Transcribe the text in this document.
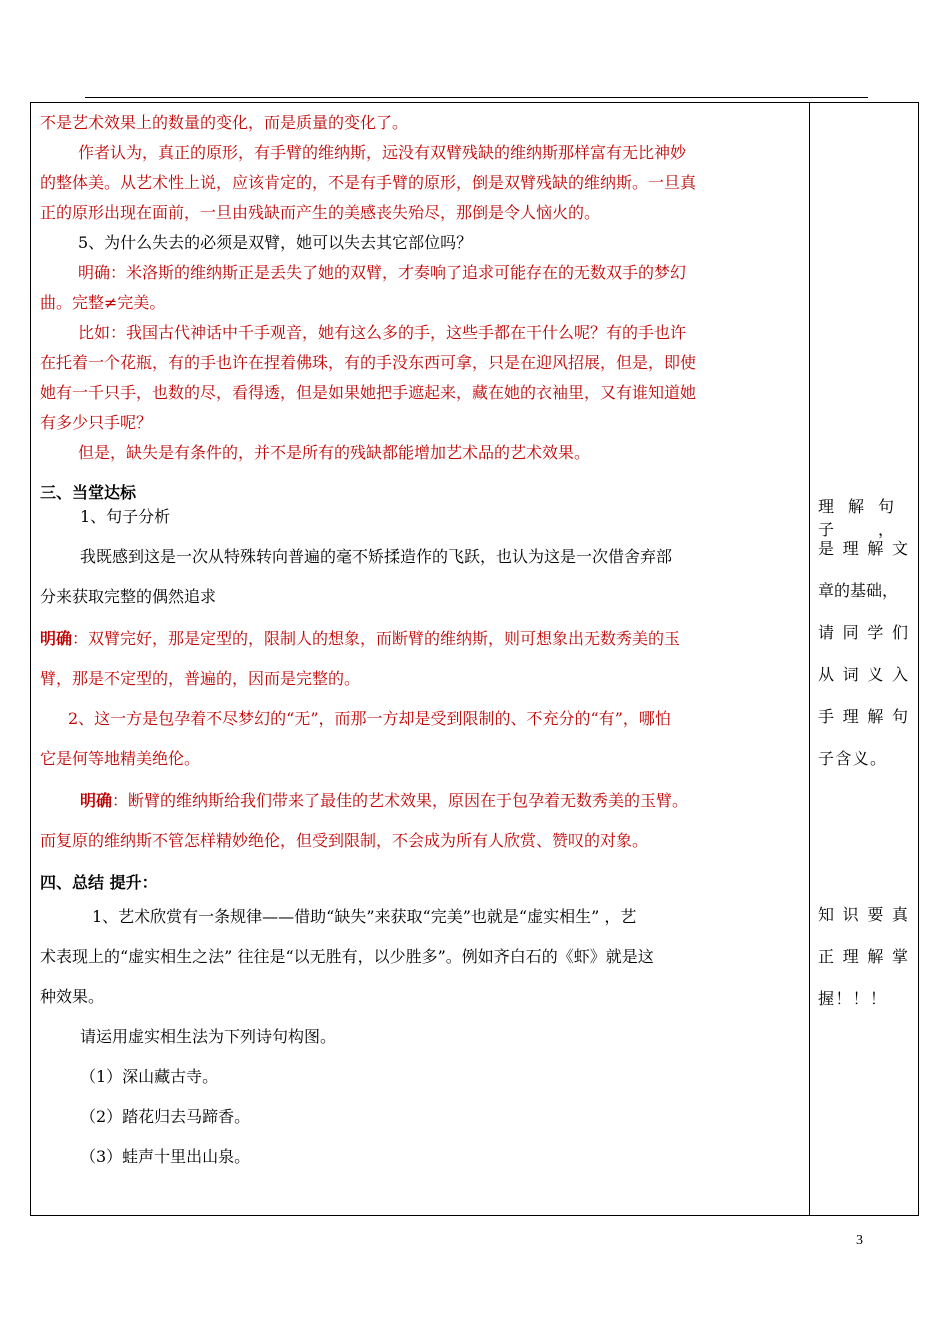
不是艺术效果上的数量的变化，而是质量的变化了。
作者认为，真正的原形，有手臂的维纳斯，远没有双臂残缺的维纳斯那样富有无比神妙
的整体美。从艺术性上说，应该肯定的，不是有手臂的原形，倒是双臂残缺的维纳斯。一旦真
正的原形出现在面前，一旦由残缺而产生的美感丧失殆尽，那倒是令人恼火的。
5、为什么失去的必须是双臂，她可以失去其它部位吗？
明确：米洛斯的维纳斯正是丢失了她的双臂，才奏响了追求可能存在的无数双手的梦幻
曲。完整≠完美。
比如：我国古代神话中千手观音，她有这么多的手，这些手都在干什么呢？有的手也许
在托着一个花瓶，有的手也许在捏着佛珠，有的手没东西可拿，只是在迎风招展，但是，即使
她有一千只手，也数的尽，看得透，但是如果她把手遮起来，藏在她的衣袖里，又有谁知道她
有多少只手呢？
但是，缺失是有条件的，并不是所有的残缺都能增加艺术品的艺术效果。
三、当堂达标
1、句子分析
我既感到这是一次从特殊转向普遍的毫不矫揉造作的飞跃，也认为这是一次借舍弃部
分来获取完整的偶然追求
明确：双臂完好，那是定型的，限制人的想象，而断臂的维纳斯，则可想象出无数秀美的玉
臂，那是不定型的，普遍的，因而是完整的。
2、这一方是包孕着不尽梦幻的“无”，而那一方却是受到限制的、不充分的“有”，哪怕
它是何等地精美绝伦。
明确：断臂的维纳斯给我们带来了最佳的艺术效果，原因在于包孕着无数秀美的玉臂。
而复原的维纳斯不管怎样精妙绝伦，但受到限制，不会成为所有人欣赏、赞叹的对象。
四、总结 提升：
1、艺术欣赏有一条规律——借助“缺失”来获取“完美”也就是“虚实相生” ，艺
术表现上的“虚实相生之法” 往往是“以无胜有，以少胜多”。例如齐白石的《虾》就是这
种效果。
请运用虚实相生法为下列诗句构图。
（1）深山藏古寺。
（2）踏花归去马蹄香。
（3）蛙声十里出山泉。
理解句子，
是理解文
章的基础，
请同学们
从词义入
手理解句
子含义。
知识要真
正理解掌
握！！！
3
